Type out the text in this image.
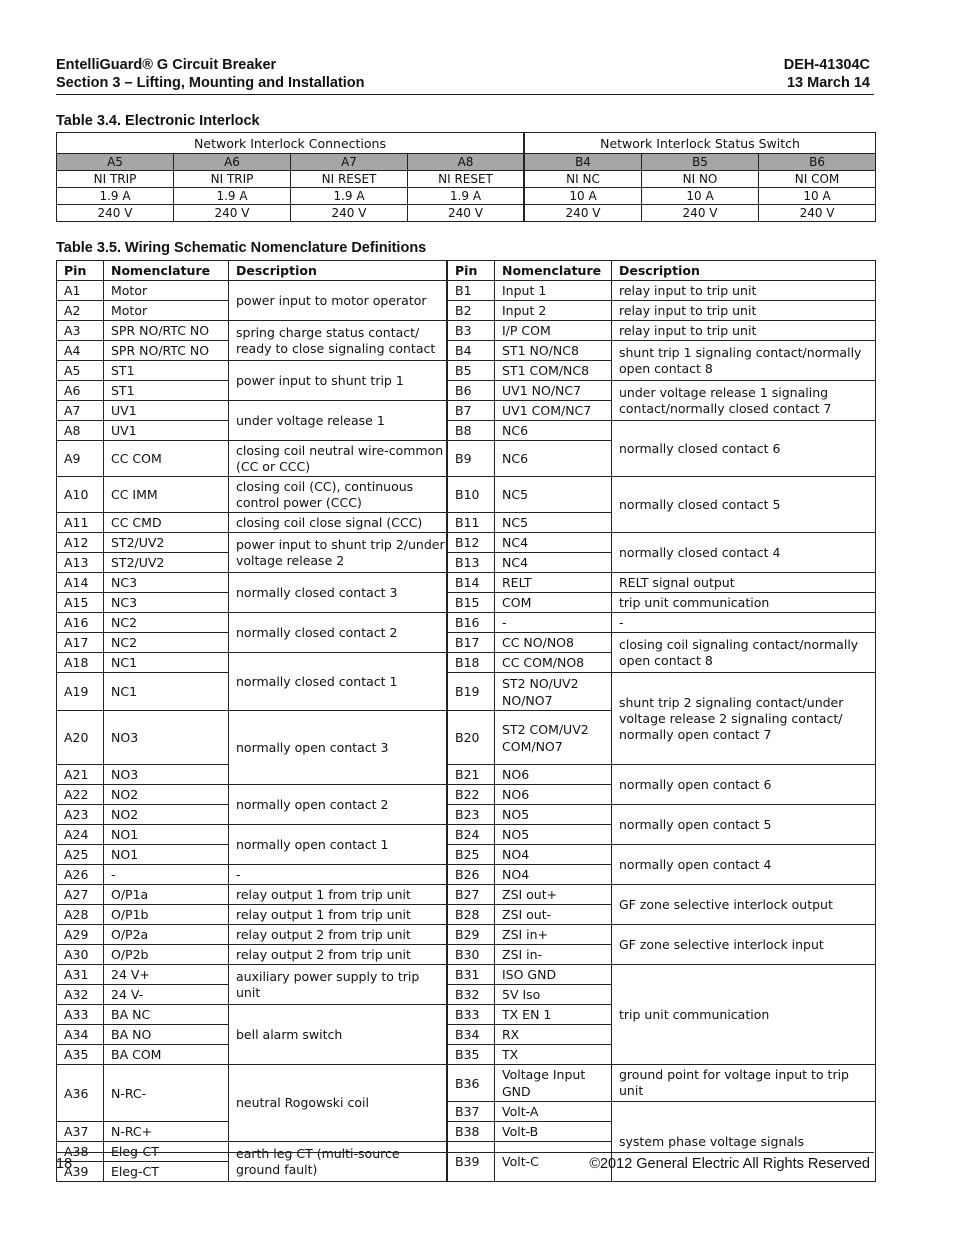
EntelliGuard® G Circuit Breaker
Section 3 – Lifting, Mounting and Installation
DEH-41304C
13 March 14
Table 3.4. Electronic Interlock
Network Interlock Connections				Network Interlock Status Switch		
A5	A6	A7	A8		B4	B5	B6
NI TRIP	NI TRIP	NI RESET	NI RESET		NI NC	NI NO	NI COM
1.9 A	1.9 A	1.9 A	1.9 A		10 A	10 A	10 A
240 V	240 V	240 V	240 V		240 V	240 V	240 V
Table 3.5. Wiring Schematic Nomenclature Definitions
Pin	Nomenclature	Description		Pin	Nomenclature	Description
A1	Motor	power input to motor operator	B1	Input 1	relay input to trip unit
A2	Motor		B2	Input 2	relay input to trip unit
A3	SPR NO/RTC NO	spring charge status contact/ ready to close signaling contact	B3	I/P COM	relay input to trip unit
A4	SPR NO/RTC NO		B4	ST1 NO/NC8	shunt trip 1 signaling contact/normally open contact 8
A5	ST1	power input to shunt trip 1	B5	ST1 COM/NC8	
A6	ST1		B6	UV1 NO/NC7	under voltage release 1 signaling contact/normally closed contact 7
A7	UV1	under voltage release 1	B7	UV1 COM/NC7	
A8	UV1		B8	NC6	normally closed contact 6
A9	CC COM	closing coil neutral wire-common (CC or CCC)	B9	NC6	

A10	CC IMM	closing coil (CC), continuous control power (CCC)	B10	NC5	normally closed contact 5

A11	CC CMD	closing coil close signal (CCC)	B11	NC5	
A12	ST2/UV2	power input to shunt trip 2/under voltage release 2	B12	NC4	normally closed contact 4
A13	ST2/UV2		B13	NC4	
A14	NC3	normally closed contact 3	B14	RELT	RELT signal output
A15	NC3		B15	COM	trip unit communication
A16	NC2	normally closed contact 2	B16	-	-
A17	NC2		B17	CC NO/NO8	closing coil signaling contact/normally open contact 8
A18	NC1	normally closed contact 1	B18	CC COM/NO8	
A19	NC1		B19	ST2 NO/UV2 NO/NO7	shunt trip 2 signaling contact/under voltage release 2 signaling contact/ normally open contact 7

A20	NO3	normally open contact 3	B20	ST2 COM/UV2 COM/NO7	

A21	NO3		B21	NO6	normally open contact 6
A22	NO2	normally open contact 2	B22	NO6	
A23	NO2		B23	NO5	normally open contact 5
A24	NO1	normally open contact 1	B24	NO5	
A25	NO1		B25	NO4	normally open contact 4
A26	-	-	B26	NO4	
A27	O/P1a	relay output 1 from trip unit	B27	ZSI out+	GF zone selective interlock output
A28	O/P1b	relay output 1 from trip unit	B28	ZSI out-	
A29	O/P2a	relay output 2 from trip unit	B29	ZSI in+	GF zone selective interlock input
A30	O/P2b	relay output 2 from trip unit	B30	ZSI in-	
A31	24 V+	auxiliary power supply to trip unit	B31	ISO GND	trip unit communication
A32	24 V-		B32	5V Iso	
A33	BA NC	bell alarm switch	B33	TX EN 1	
A34	BA NO		B34	RX	
A35	BA COM		B35	TX	
A36	N-RC-	neutral Rogowski coil	B36	Voltage Input GND	ground point for voltage input to trip unit
			B37	Volt-A	system phase voltage signals
A37	N-RC+		B38	Volt-B	
A38	Eleg-CT	earth leg CT (multi-source ground fault)	B39	Volt-C	
A39	Eleg-CT				
18	©2012 General Electric All Rights Reserved
